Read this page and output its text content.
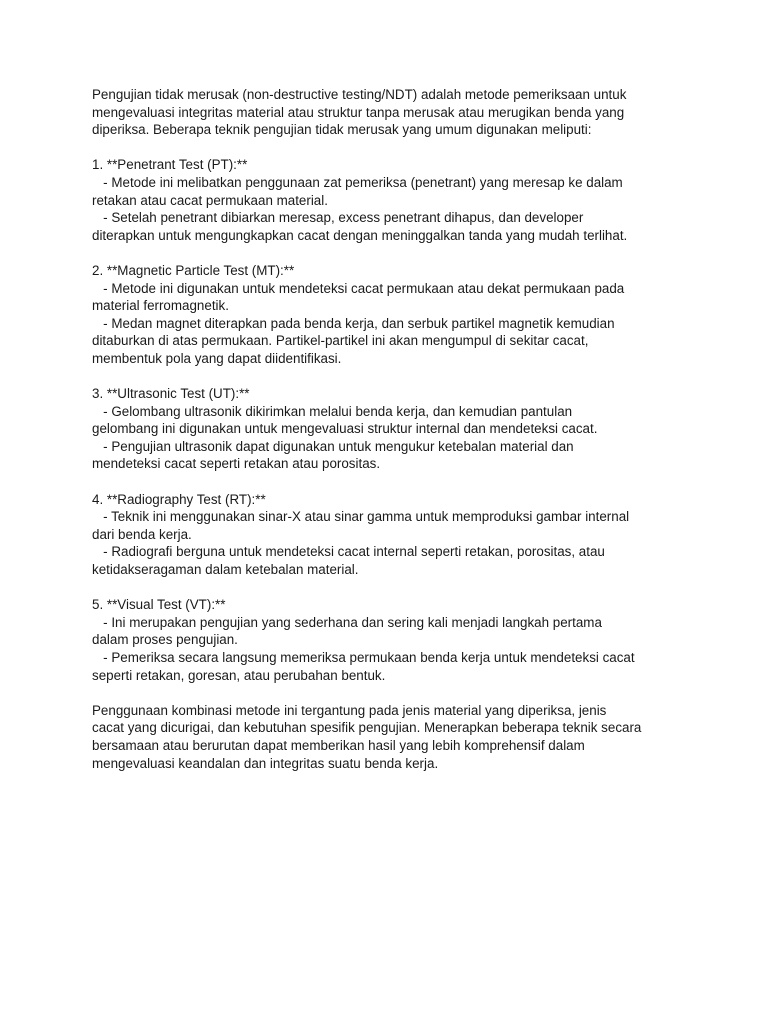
Pengujian tidak merusak (non-destructive testing/NDT) adalah metode pemeriksaan untuk
mengevaluasi integritas material atau struktur tanpa merusak atau merugikan benda yang
diperiksa. Beberapa teknik pengujian tidak merusak yang umum digunakan meliputi:
1. **Penetrant Test (PT):**
- Metode ini melibatkan penggunaan zat pemeriksa (penetrant) yang meresap ke dalam
retakan atau cacat permukaan material.
- Setelah penetrant dibiarkan meresap, excess penetrant dihapus, dan developer
diterapkan untuk mengungkapkan cacat dengan meninggalkan tanda yang mudah terlihat.
2. **Magnetic Particle Test (MT):**
- Metode ini digunakan untuk mendeteksi cacat permukaan atau dekat permukaan pada
material ferromagnetik.
- Medan magnet diterapkan pada benda kerja, dan serbuk partikel magnetik kemudian
ditaburkan di atas permukaan. Partikel-partikel ini akan mengumpul di sekitar cacat,
membentuk pola yang dapat diidentifikasi.
3. **Ultrasonic Test (UT):**
- Gelombang ultrasonik dikirimkan melalui benda kerja, dan kemudian pantulan
gelombang ini digunakan untuk mengevaluasi struktur internal dan mendeteksi cacat.
- Pengujian ultrasonik dapat digunakan untuk mengukur ketebalan material dan
mendeteksi cacat seperti retakan atau porositas.
4. **Radiography Test (RT):**
- Teknik ini menggunakan sinar-X atau sinar gamma untuk memproduksi gambar internal
dari benda kerja.
- Radiografi berguna untuk mendeteksi cacat internal seperti retakan, porositas, atau
ketidakseragaman dalam ketebalan material.
5. **Visual Test (VT):**
- Ini merupakan pengujian yang sederhana dan sering kali menjadi langkah pertama
dalam proses pengujian.
- Pemeriksa secara langsung memeriksa permukaan benda kerja untuk mendeteksi cacat
seperti retakan, goresan, atau perubahan bentuk.
Penggunaan kombinasi metode ini tergantung pada jenis material yang diperiksa, jenis
cacat yang dicurigai, dan kebutuhan spesifik pengujian. Menerapkan beberapa teknik secara
bersamaan atau berurutan dapat memberikan hasil yang lebih komprehensif dalam
mengevaluasi keandalan dan integritas suatu benda kerja.
